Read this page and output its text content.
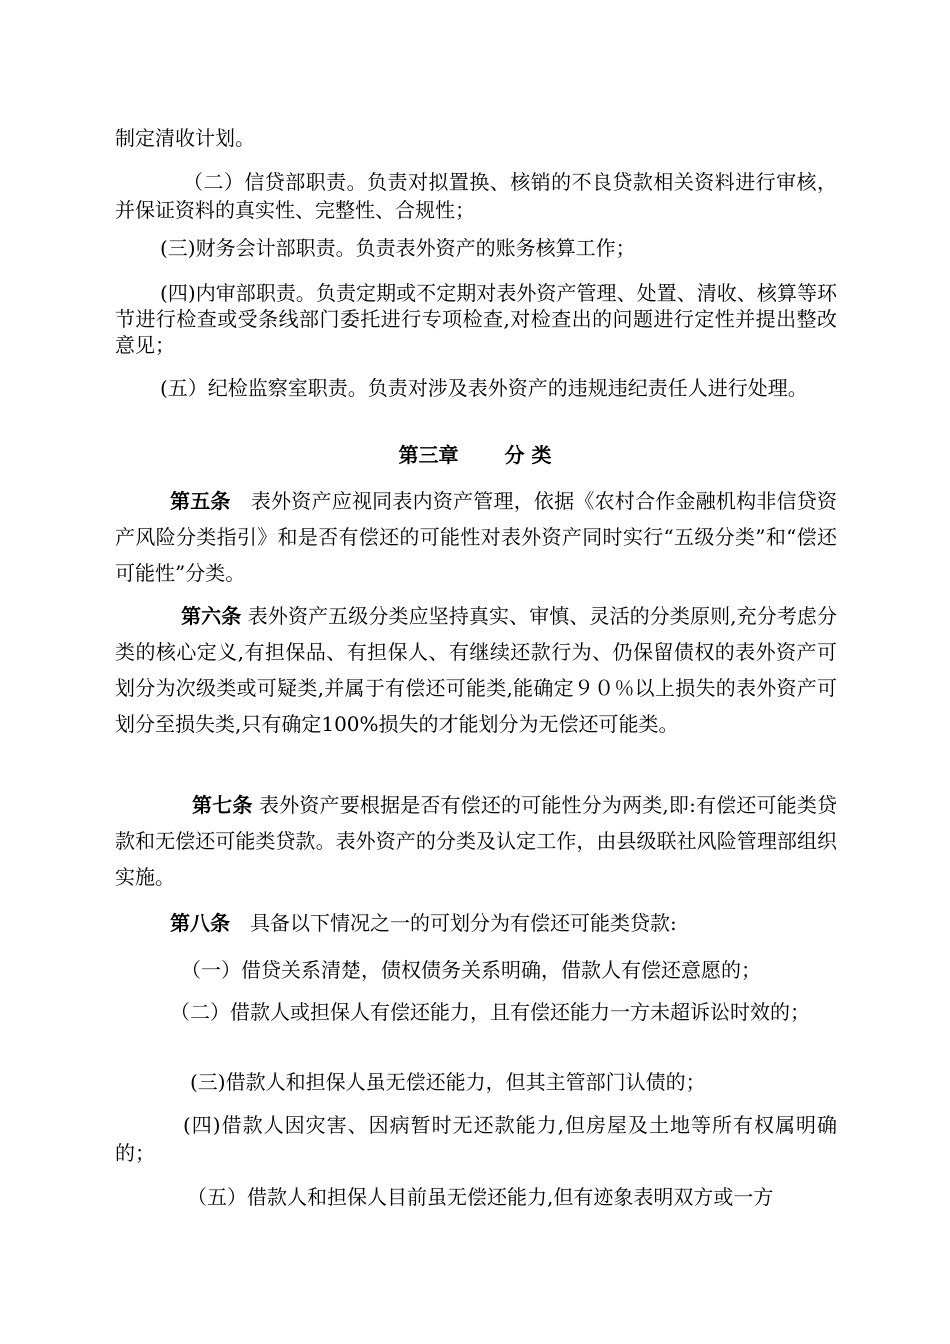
制定清收计划。

（二）信贷部职责。负责对拟置换、核销的不良贷款相关资料进行审核，并保证资料的真实性、完整性、合规性；

(三)财务会计部职责。负责表外资产的账务核算工作；

(四)内审部职责。负责定期或不定期对表外资产管理、处置、清收、核算等环节进行检查或受条线部门委托进行专项检查,对检查出的问题进行定性并提出整改意见；

(五）纪检监察室职责。负责对涉及表外资产的违规违纪责任人进行处理。

第三章 分 类

第五条　 表外资产应视同表内资产管理，依据《农村合作金融机构非信贷资产风险分类指引》和是否有偿还的可能性对表外资产同时实行“五级分类”和“偿还可能性”分类。

第六条 表外资产五级分类应坚持真实、审慎、灵活的分类原则,充分考虑分类的核心定义,有担保品、有担保人、有继续还款行为、仍保留债权的表外资产可划分为次级类或可疑类,并属于有偿还可能类,能确定９０％以上损失的表外资产可划分至损失类,只有确定100%损失的才能划分为无偿还可能类。

第七条 表外资产要根据是否有偿还的可能性分为两类,即:有偿还可能类贷款和无偿还可能类贷款。表外资产的分类及认定工作，由县级联社风险管理部组织实施。

第八条　 具备以下情况之一的可划分为有偿还可能类贷款:

（一）借贷关系清楚，债权债务关系明确，借款人有偿还意愿的；

（二）借款人或担保人有偿还能力，且有偿还能力一方未超诉讼时效的；

(三)借款人和担保人虽无偿还能力，但其主管部门认债的；

(四)借款人因灾害、因病暂时无还款能力,但房屋及土地等所有权属明确的；

（五）借款人和担保人目前虽无偿还能力,但有迹象表明双方或一方
